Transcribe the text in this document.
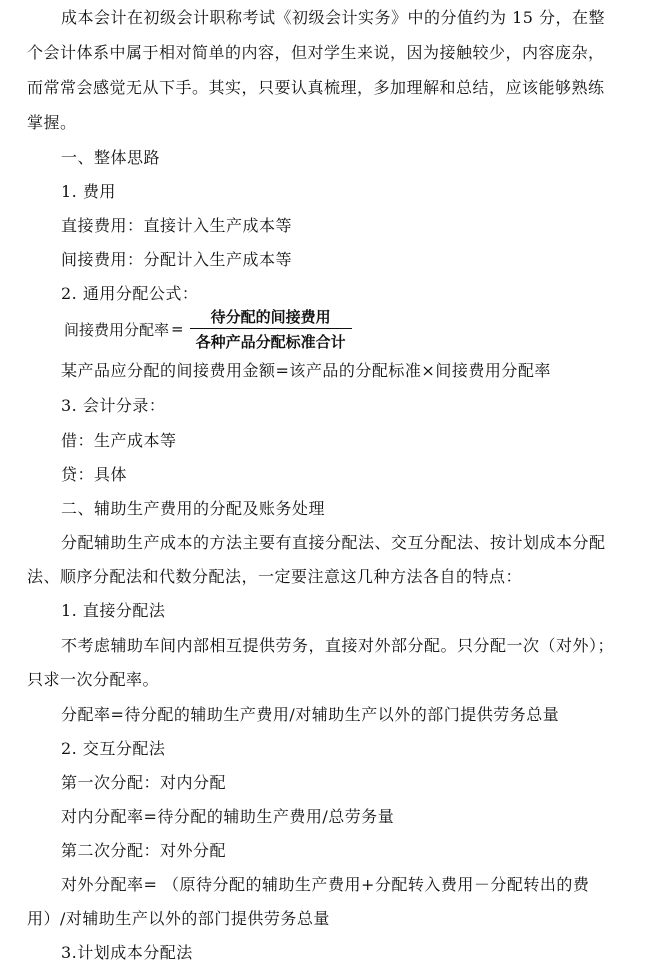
成本会计在初级会计职称考试《初级会计实务》中的分值约为 15 分，在整
个会计体系中属于相对简单的内容，但对学生来说，因为接触较少，内容庞杂，
而常常会感觉无从下手。其实，只要认真梳理，多加理解和总结，应该能够熟练
掌握。
一、整体思路
1. 费用
直接费用：直接计入生产成本等
间接费用：分配计入生产成本等
2. 通用分配公式：
间接费用分配率 = $\frac{\text{待分配的间接费用}}{\text{各种产品分配标准合计}}$
某产品应分配的间接费用金额=该产品的分配标准×间接费用分配率
3. 会计分录：
借：生产成本等
贷：具体
二、辅助生产费用的分配及账务处理
分配辅助生产成本的方法主要有直接分配法、交互分配法、按计划成本分配
法、顺序分配法和代数分配法，一定要注意这几种方法各自的特点：
1. 直接分配法
不考虑辅助车间内部相互提供劳务，直接对外部分配。只分配一次（对外）；
只求一次分配率。
分配率=待分配的辅助生产费用/对辅助生产以外的部门提供劳务总量
2. 交互分配法
第一次分配：对内分配
对内分配率=待分配的辅助生产费用/总劳务量
第二次分配：对外分配
对外分配率= （原待分配的辅助生产费用+分配转入费用－分配转出的费
用）/对辅助生产以外的部门提供劳务总量
3.计划成本分配法
